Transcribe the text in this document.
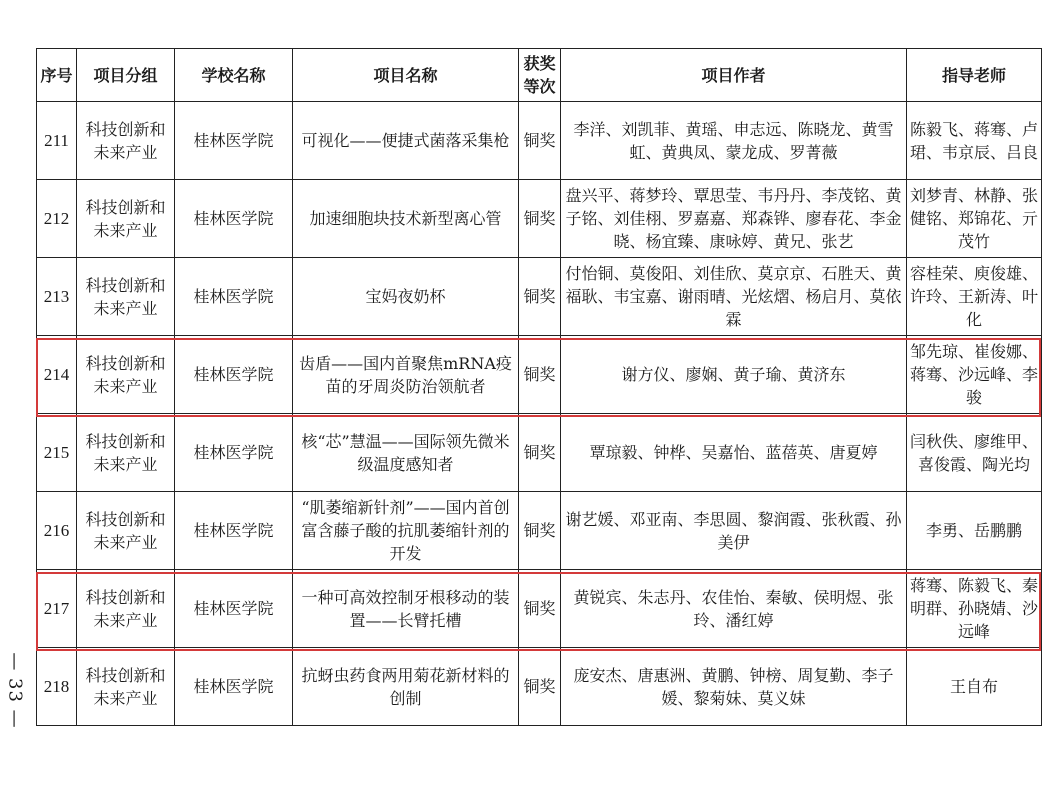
— 33 —
序号	项目分组	学校名称	项目名称	获奖等次	项目作者	指导老师
211	科技创新和未来产业	桂林医学院	可视化——便捷式菌落采集枪	铜奖	李洋、刘凯菲、黄瑶、申志远、陈晓龙、黄雪虹、黄典凤、蒙龙成、罗菁薇	陈毅飞、蒋骞、卢珺、韦京辰、吕良
212	科技创新和未来产业	桂林医学院	加速细胞块技术新型离心管	铜奖	盘兴平、蒋梦玲、覃思莹、韦丹丹、李茂铭、黄子铭、刘佳栩、罗嘉嘉、郑森铧、廖春花、李金晓、杨宜臻、康咏婷、黄兄、张艺	刘梦青、林静、张健铭、郑锦花、亓茂竹
213	科技创新和未来产业	桂林医学院	宝妈夜奶杯	铜奖	付怡铜、莫俊阳、刘佳欣、莫京京、石胜天、黄福耿、韦宝嘉、谢雨晴、光炫熠、杨启月、莫依霖	容桂荣、庾俊雄、许玲、王新涛、叶化
214	科技创新和未来产业	桂林医学院	齿盾——国内首聚焦mRNA疫苗的牙周炎防治领航者	铜奖	谢方仪、廖娴、黄子瑜、黄济东	邹先琼、崔俊娜、蒋骞、沙远峰、李骏
215	科技创新和未来产业	桂林医学院	核“芯”慧温——国际领先微米级温度感知者	铜奖	覃琼毅、钟桦、吴嘉怡、蓝蓓英、唐夏婷	闫秋佚、廖维甲、喜俊霞、陶光均
216	科技创新和未来产业	桂林医学院	“肌萎缩新针剂”——国内首创富含藤子酸的抗肌萎缩针剂的开发	铜奖	谢艺媛、邓亚南、李思圆、黎润霞、张秋霞、孙美伊	李勇、岳鹏鹏
217	科技创新和未来产业	桂林医学院	一种可高效控制牙根移动的装置——长臂托槽	铜奖	黄锐宾、朱志丹、农佳怡、秦敏、侯明煜、张玲、潘红婷	蒋骞、陈毅飞、秦明群、孙晓婧、沙远峰
218	科技创新和未来产业	桂林医学院	抗蚜虫药食两用菊花新材料的创制	铜奖	庞安杰、唐惠洲、黄鹏、钟榜、周复勤、李子媛、黎菊妹、莫义妹	王自布
